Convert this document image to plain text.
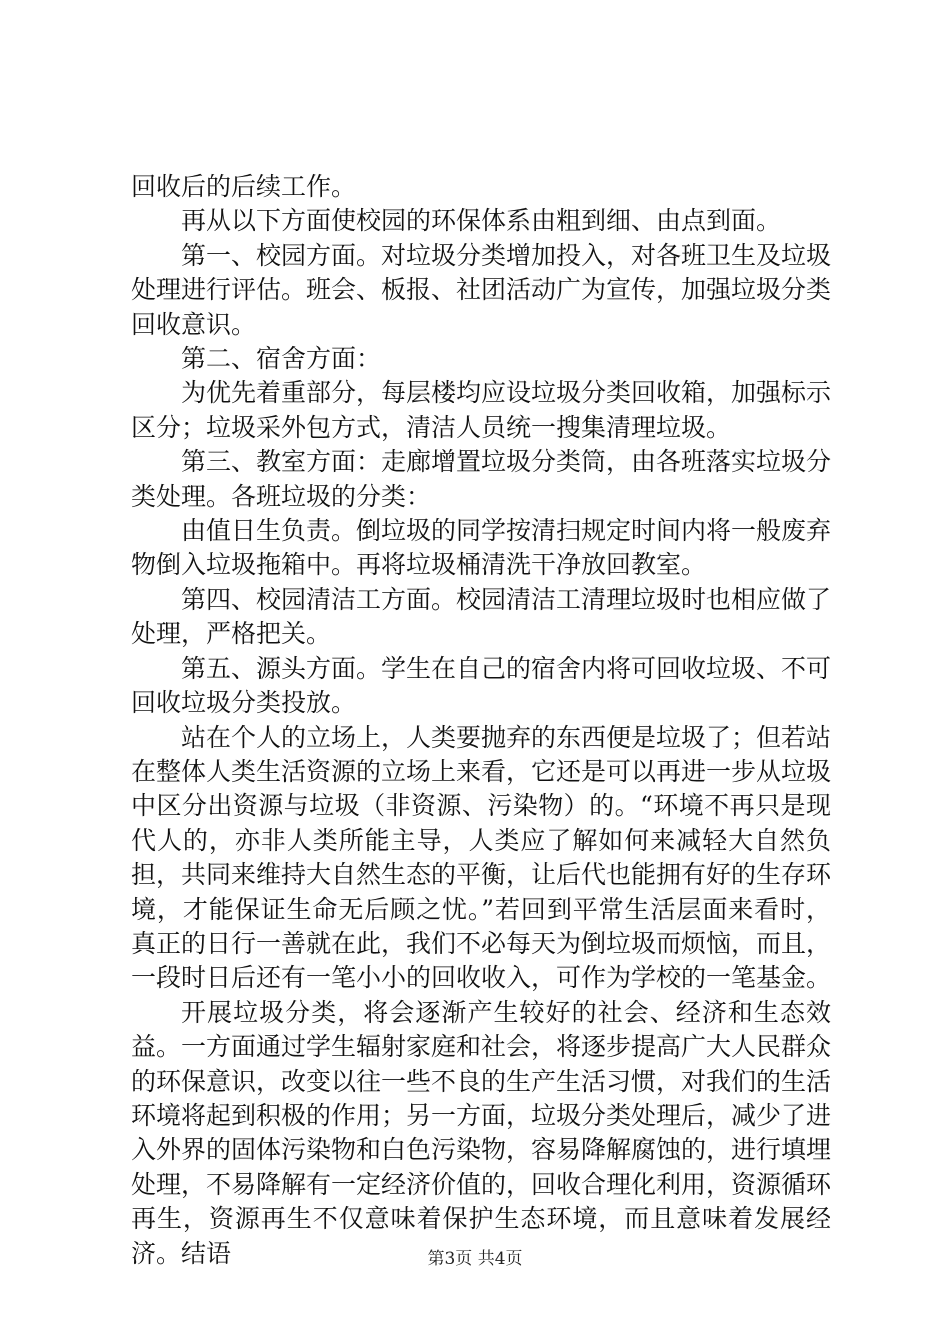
回收后的后续工作。

再从以下方面使校园的环保体系由粗到细、由点到面。

第一、校园方面。对垃圾分类增加投入，对各班卫生及垃圾处理进行评估。班会、板报、社团活动广为宣传，加强垃圾分类回收意识。

第二、宿舍方面：

为优先着重部分，每层楼均应设垃圾分类回收箱，加强标示区分；垃圾采外包方式，清洁人员统一搜集清理垃圾。

第三、教室方面：走廊增置垃圾分类筒，由各班落实垃圾分类处理。各班垃圾的分类：

由值日生负责。倒垃圾的同学按清扫规定时间内将一般废弃物倒入垃圾拖箱中。再将垃圾桶清洗干净放回教室。

第四、校园清洁工方面。校园清洁工清理垃圾时也相应做了处理，严格把关。

第五、源头方面。学生在自己的宿舍内将可回收垃圾、不可回收垃圾分类投放。

站在个人的立场上，人类要抛弃的东西便是垃圾了；但若站在整体人类生活资源的立场上来看，它还是可以再进一步从垃圾中区分出资源与垃圾（非资源、污染物）的。“环境不再只是现代人的，亦非人类所能主导，人类应了解如何来减轻大自然负担，共同来维持大自然生态的平衡，让后代也能拥有好的生存环境，才能保证生命无后顾之忧。”若回到平常生活层面来看时，真正的日行一善就在此，我们不必每天为倒垃圾而烦恼，而且，一段时日后还有一笔小小的回收收入，可作为学校的一笔基金。

开展垃圾分类，将会逐渐产生较好的社会、经济和生态效益。一方面通过学生辐射家庭和社会，将逐步提高广大人民群众的环保意识，改变以往一些不良的生产生活习惯，对我们的生活环境将起到积极的作用；另一方面，垃圾分类处理后，减少了进入外界的固体污染物和白色污染物，容易降解腐蚀的，进行填埋处理，不易降解有一定经济价值的，回收合理化利用，资源循环再生，资源再生不仅意味着保护生态环境，而且意味着发展经济。结语	第3页 共4页
